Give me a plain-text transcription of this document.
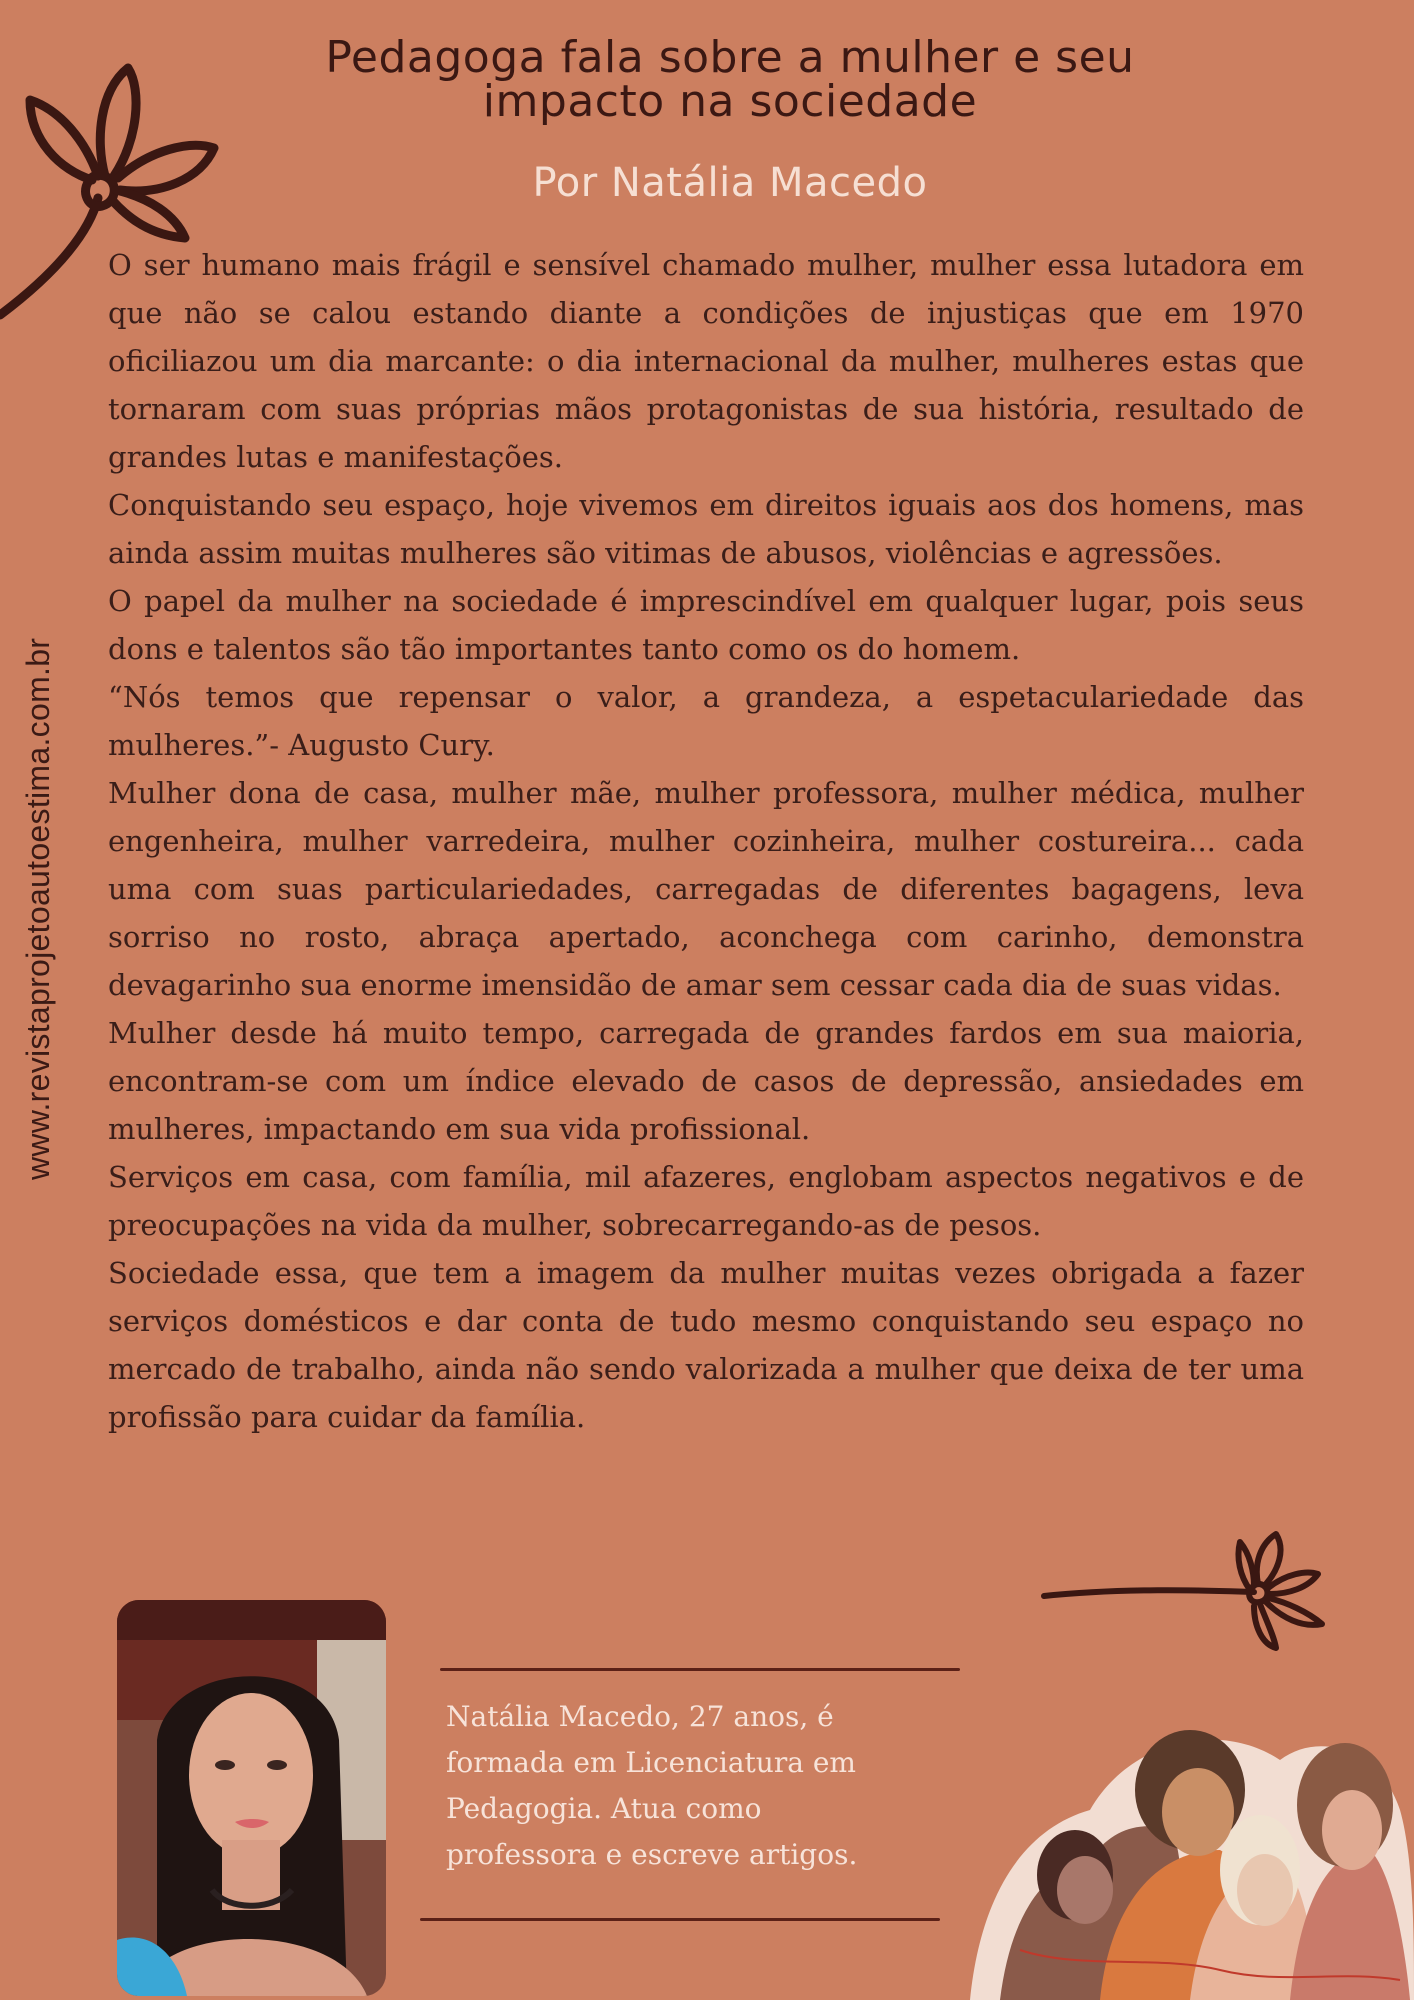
Pedagoga fala sobre a mulher e seu
impacto na sociedade
Por Natália Macedo
www.revistaprojetoautoestima.com.br

O ser humano mais frágil e sensível chamado mulher, mulher essa lutadora em que não se calou estando diante a condições de injustiças que em 1970 oficiliazou um dia marcante: o dia internacional da mulher, mulheres estas que tornaram com suas próprias mãos protagonistas de sua história, resultado de grandes lutas e manifestações.

Conquistando seu espaço, hoje vivemos em direitos iguais aos dos homens, mas ainda assim muitas mulheres são vitimas de abusos, violências e agressões.

O papel da mulher na sociedade é imprescindível em qualquer lugar, pois seus dons e talentos são tão importantes tanto como os do homem.

“Nós temos que repensar o valor, a grandeza, a espetaculariedade das mulheres.”- Augusto Cury.

Mulher dona de casa, mulher mãe, mulher professora, mulher médica, mulher engenheira, mulher varredeira, mulher cozinheira, mulher costureira... cada uma com suas particulariedades, carregadas de diferentes bagagens, leva sorriso no rosto, abraça apertado, aconchega com carinho, demonstra devagarinho sua enorme imensidão de amar sem cessar cada dia de suas vidas.

Mulher desde há muito tempo, carregada de grandes fardos em sua maioria, encontram-se com um índice elevado de casos de depressão, ansiedades em mulheres, impactando em sua vida profissional.

Serviços em casa, com família, mil afazeres, englobam aspectos negativos e de preocupações na vida da mulher, sobrecarregando-as de pesos.

Sociedade essa, que tem a imagem da mulher muitas vezes obrigada a fazer serviços domésticos e dar conta de tudo mesmo conquistando seu espaço no mercado de trabalho, ainda não sendo valorizada a mulher que deixa de ter uma profissão para cuidar da família.

Natália Macedo, 27 anos, é
formada em Licenciatura em
Pedagogia. Atua como
professora e escreve artigos.
